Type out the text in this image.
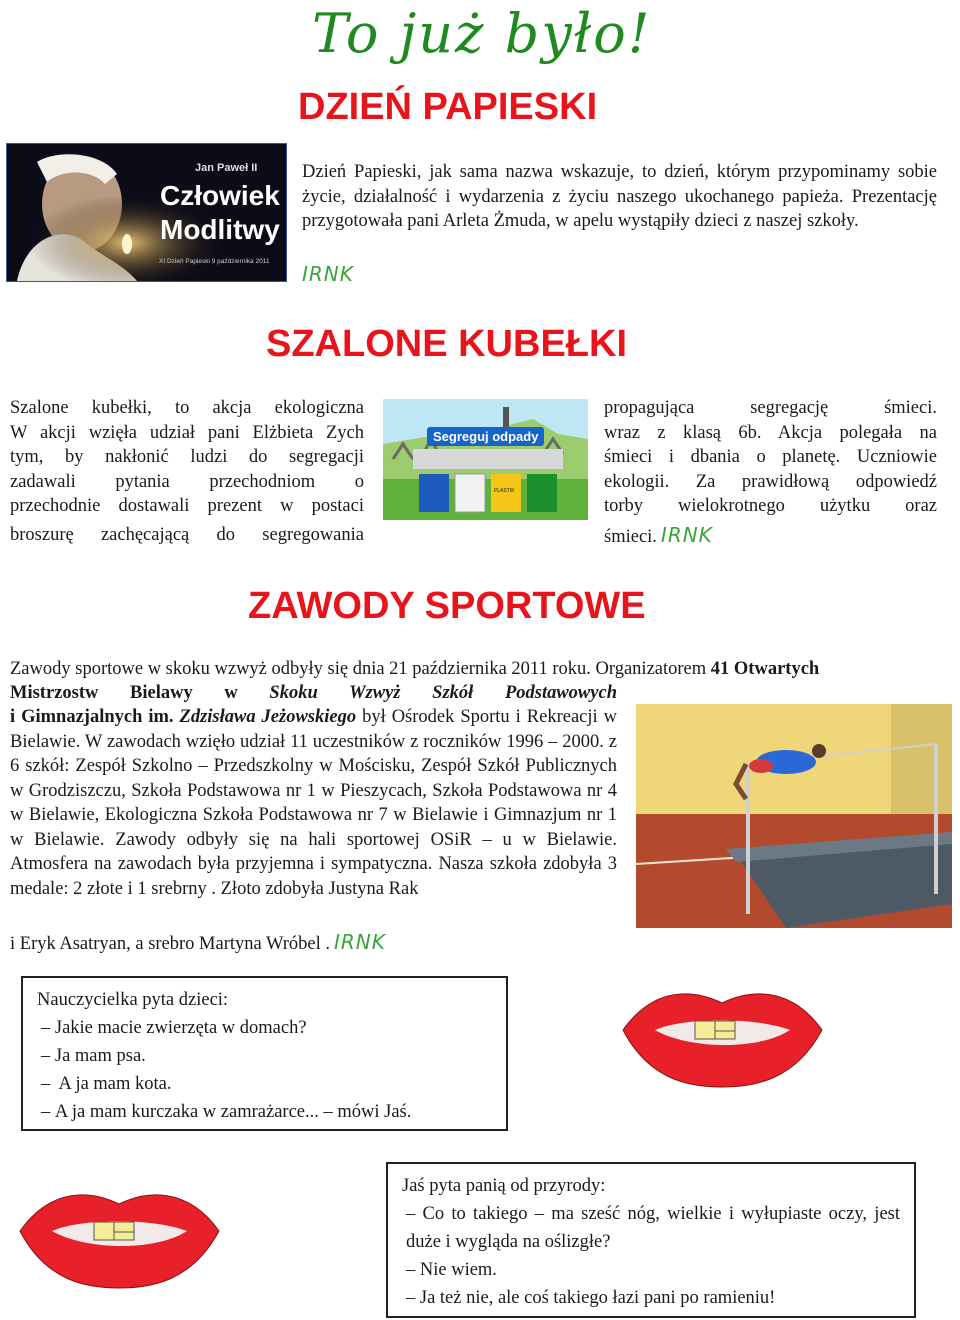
To już było!
DZIEŃ PAPIESKI
Jan Paweł II
Człowiek
Modlitwy
XI Dzień Papieski 9 października 2011
Dzień Papieski, jak sama nazwa wskazuje, to dzień, którym przypominamy sobie życie, działalność i wydarzenia z życiu naszego ukochanego papieża. Prezentację przygotowała pani Arleta Żmuda, w apelu wystąpiły dzieci z naszej szkoły.
IRNK
SZALONE KUBEŁKI
Szalone kubełki, to akcja ekologiczna
W akcji wzięła udział pani Elżbieta Zych
tym, by nakłonić ludzi do segregacji
zadawali pytania przechodniom o
przechodnie dostawali prezent w postaci
broszurę zachęcającą do segregowania
Segreguj odpady
PLASTIK
propagująca segregację śmieci.
wraz z klasą 6b. Akcja polegała na
śmieci i dbania o planetę. Uczniowie
ekologii. Za prawidłową odpowiedź
torby wielokrotnego użytku oraz
śmieci. IRNK
ZAWODY SPORTOWE
Zawody sportowe w skoku wzwyż odbyły się dnia 21 października 2011 roku. Organizatorem 41 Otwartych
Mistrzostw Bielawy w Skoku Wzwyż Szkół Podstawowych
i Gimnazjalnych im. Zdzisława Jeżowskiego był Ośrodek Sportu i Rekreacji w Bielawie. W zawodach wzięło udział 11 uczestników z roczników 1996 – 2000. z 6 szkół: Zespół Szkolno – Przedszkolny w Mościsku, Zespół Szkół Publicznych w Grodziszczu, Szkoła Podstawowa nr 1 w Pieszycach, Szkoła Podstawowa nr 4 w Bielawie, Ekologiczna Szkoła Podstawowa nr 7 w Bielawie i Gimnazjum nr 1 w Bielawie. Zawody odbyły się na hali sportowej OSiR – u w Bielawie. Atmosfera na zawodach była przyjemna i sympatyczna. Nasza szkoła zdobyła 3 medale: 2 złote i 1 srebrny . Złoto zdobyła Justyna Rak
i Eryk Asatryan, a srebro Martyna Wróbel . IRNK
Nauczycielka pyta dzieci:
– Jakie macie zwierzęta w domach?
– Ja mam psa.
–  A ja mam kota.
– A ja mam kurczaka w zamrażarce... – mówi Jaś.
Jaś pyta panią od przyrody:
– Co to takiego – ma sześć nóg, wielkie i wyłupiaste oczy, jest duże i wygląda na oślizgłe?
– Nie wiem.
– Ja też nie, ale coś takiego łazi pani po ramieniu!
